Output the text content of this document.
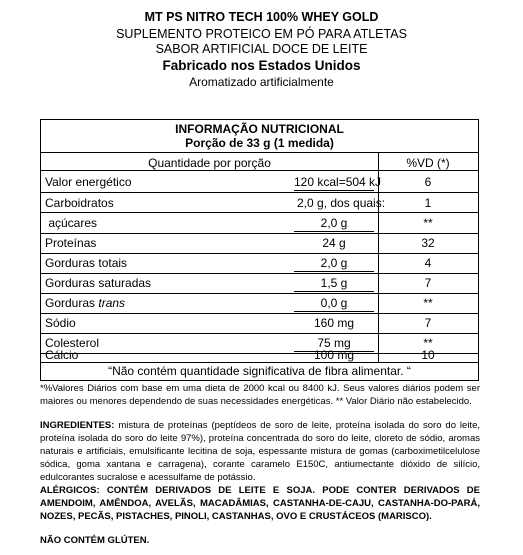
MT PS NITRO TECH 100% WHEY GOLD
SUPLEMENTO PROTEICO EM PÓ PARA ATLETAS
SABOR ARTIFICIAL DOCE DE LEITE
Fabricado nos Estados Unidos
Aromatizado artificialmente
INFORMAÇÃO NUTRICIONAL
Porção de 33 g (1 medida)
Quantidade por porção	%VD (*)
Valor energético	120 kcal=504 kJ	6
Carboidratos	2,0 g, dos quais:	1
açúcares	2,0 g	**
Proteínas	24 g	32
Gorduras totais	2,0 g	4
Gorduras saturadas	1,5 g	7
Gorduras trans	0,0 g	**
Sódio	160 mg	7
Colesterol	75 mg	**
Cálcio	100 mg	10
“Não contém quantidade significativa de fibra alimentar. “
*%Valores Diários com base em uma dieta de 2000 kcal ou 8400 kJ. Seus valores diários podem ser maiores ou menores dependendo de suas necessidades energéticas. ** Valor Diário não estabelecido.
INGREDIENTES: mistura de proteínas (peptídeos de soro de leite, proteína isolada do soro do leite, proteína isolada do soro do leite 97%), proteína concentrada do soro do leite, cloreto de sódio, aromas naturais e artificiais, emulsificante lecitina de soja, espessante mistura de gomas (carboximetilcelulose sódica, goma xantana e carragena), corante caramelo E150C, antiumectante dióxido de silício, edulcorantes sucralose e acessulfame de potássio.
ALÉRGICOS: CONTÉM DERIVADOS DE LEITE E SOJA. PODE CONTER DERIVADOS DE AMENDOIM, AMÊNDOA, AVELÃS, MACADÂMIAS, CASTANHA-DE-CAJU, CASTANHA-DO-PARÁ, NOZES, PECÃS, PISTACHES, PINOLI, CASTANHAS, OVO E CRUSTÁCEOS (MARISCO).
NÃO CONTÉM GLÚTEN.
